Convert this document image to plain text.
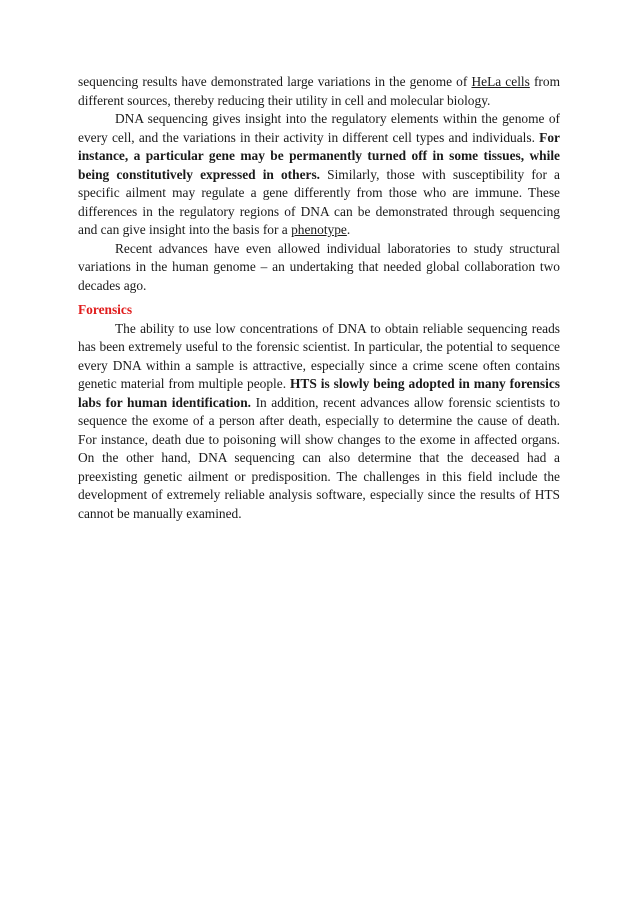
sequencing results have demonstrated large variations in the genome of HeLa cells from different sources, thereby reducing their utility in cell and molecular biology.

DNA sequencing gives insight into the regulatory elements within the genome of every cell, and the variations in their activity in different cell types and individuals. For instance, a particular gene may be permanently turned off in some tissues, while being constitutively expressed in others. Similarly, those with susceptibility for a specific ailment may regulate a gene differently from those who are immune. These differences in the regulatory regions of DNA can be demonstrated through sequencing and can give insight into the basis for a phenotype.

Recent advances have even allowed individual laboratories to study structural variations in the human genome – an undertaking that needed global collaboration two decades ago.

Forensics

The ability to use low concentrations of DNA to obtain reliable sequencing reads has been extremely useful to the forensic scientist. In particular, the potential to sequence every DNA within a sample is attractive, especially since a crime scene often contains genetic material from multiple people. HTS is slowly being adopted in many forensics labs for human identification. In addition, recent advances allow forensic scientists to sequence the exome of a person after death, especially to determine the cause of death. For instance, death due to poisoning will show changes to the exome in affected organs. On the other hand, DNA sequencing can also determine that the deceased had a preexisting genetic ailment or predisposition. The challenges in this field include the development of extremely reliable analysis software, especially since the results of HTS cannot be manually examined.
